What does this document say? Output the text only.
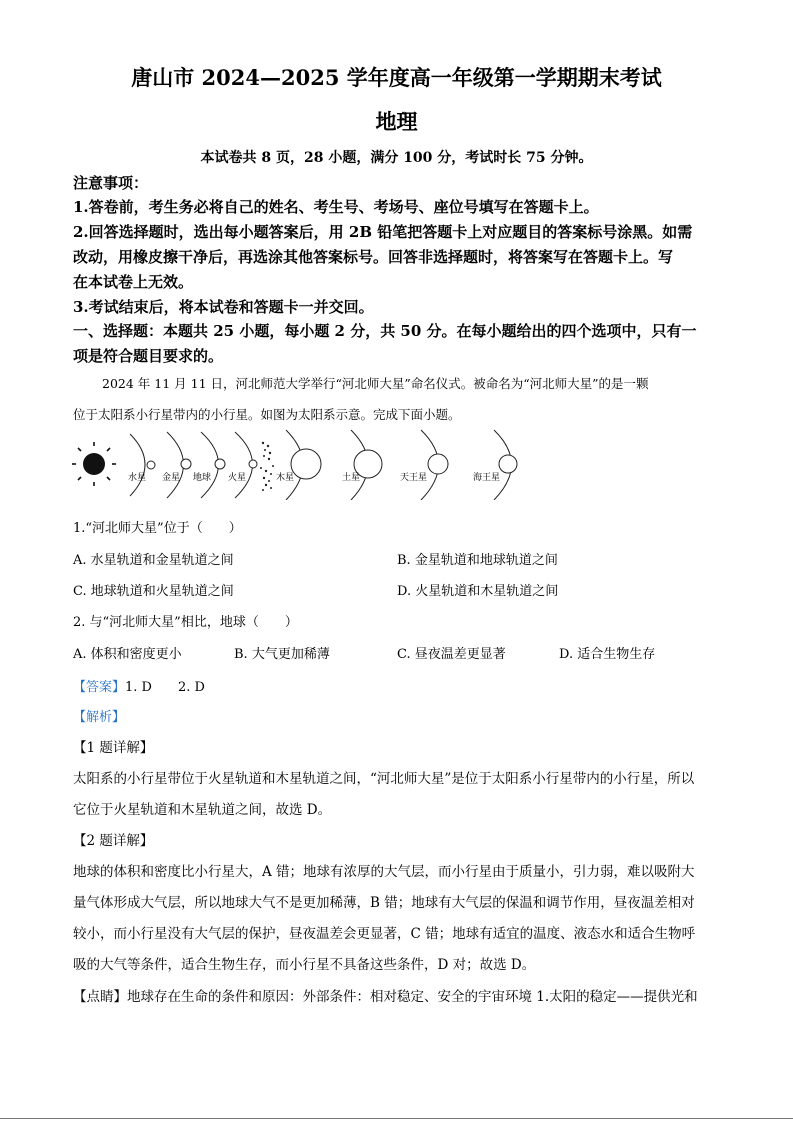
唐山市 2024—2025 学年度高一年级第一学期期末考试
地理
本试卷共 8 页，28 小题，满分 100 分，考试时长 75 分钟。
注意事项：
1.答卷前，考生务必将自己的姓名、考生号、考场号、座位号填写在答题卡上。
2.回答选择题时，选出每小题答案后，用 2B 铅笔把答题卡上对应题目的答案标号涂黑。如需
改动，用橡皮擦干净后，再选涂其他答案标号。回答非选择题时，将答案写在答题卡上。写
在本试卷上无效。
3.考试结束后，将本试卷和答题卡一并交回。
一、选择题：本题共 25 小题，每小题 2 分，共 50 分。在每小题给出的四个选项中，只有一
项是符合题目要求的。
2024 年 11 月 11 日，河北师范大学举行“河北师大星”命名仪式。被命名为“河北师大星”的是一颗
位于太阳系小行星带内的小行星。如图为太阳系示意。完成下面小题。
水星 金星 地球 火星	木星	土星	天王星	海王星
1.“河北师大星”位于（　　）
A. 水星轨道和金星轨道之间	B. 金星轨道和地球轨道之间
C. 地球轨道和火星轨道之间	D. 火星轨道和木星轨道之间
2. 与“河北师大星”相比，地球（　　）
A. 体积和密度更小	B. 大气更加稀薄	C. 昼夜温差更显著	D. 适合生物生存
【答案】1. D　　2. D
【解析】
【1 题详解】
太阳系的小行星带位于火星轨道和木星轨道之间，“河北师大星”是位于太阳系小行星带内的小行星，所以
它位于火星轨道和木星轨道之间，故选 D。
【2 题详解】
地球的体积和密度比小行星大，A 错；地球有浓厚的大气层，而小行星由于质量小，引力弱，难以吸附大
量气体形成大气层，所以地球大气不是更加稀薄，B 错；地球有大气层的保温和调节作用，昼夜温差相对
较小，而小行星没有大气层的保护，昼夜温差会更显著，C 错；地球有适宜的温度、液态水和适合生物呼
吸的大气等条件，适合生物生存，而小行星不具备这些条件，D 对；故选 D。
【点睛】地球存在生命的条件和原因：外部条件：相对稳定、安全的宇宙环境 1.太阳的稳定——提供光和
